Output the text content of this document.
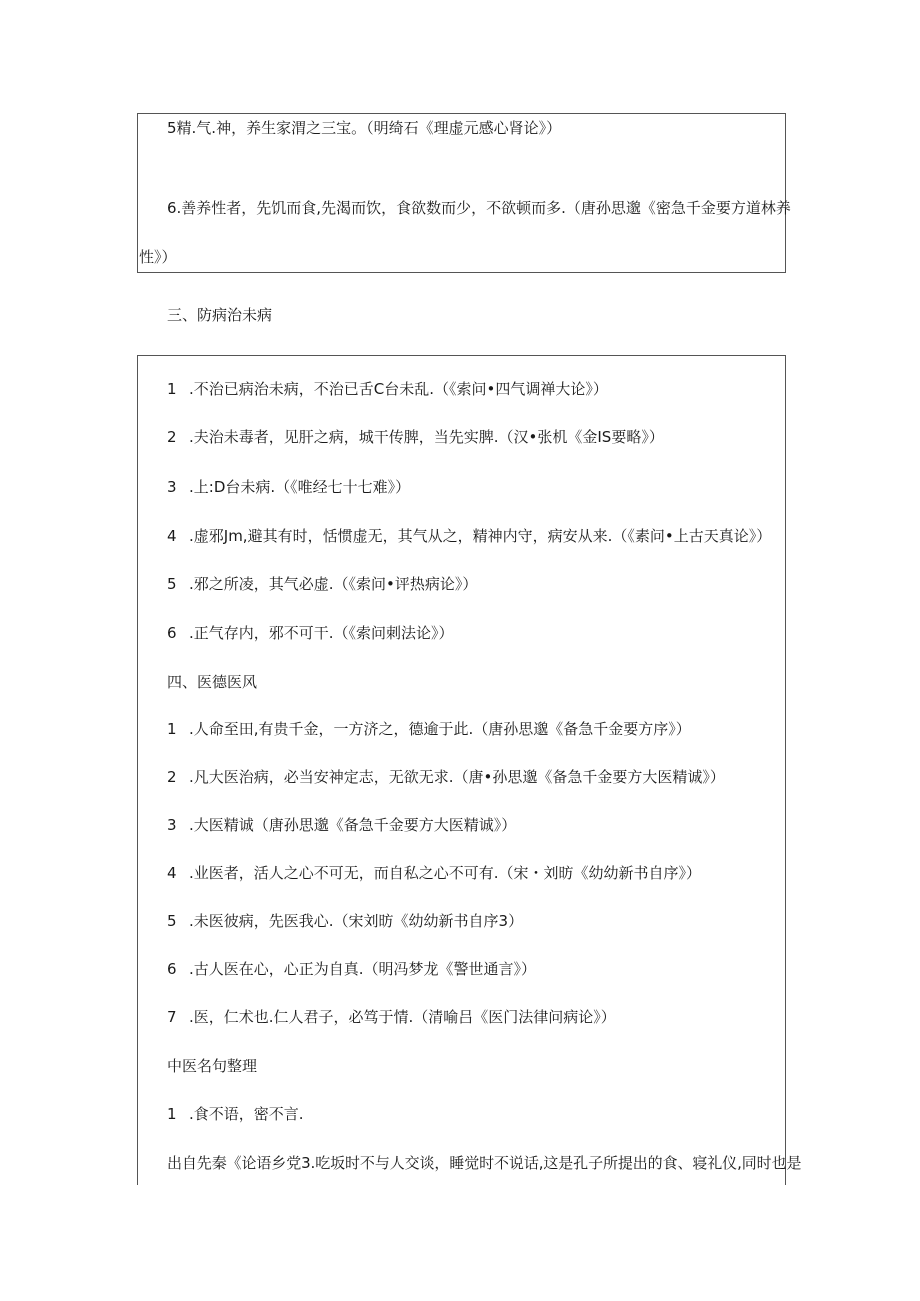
5精.气.神，养生家渭之三宝。（明绮石《理虚元感心肾论》）
6.善养性者，先饥而食,先渴而饮，食欲数而少，不欲顿而多.（唐孙思邈《密急千金要方道林养
性》）
三、防病治未病
1 .不治已病治未病，不治已舌C台未乱.（《索问•四气调禅大论》）
2 .夫治未毒者，见肝之病，城干传脾，当先实脾.（汉•张机《金IS要略》）
3 .上:D台未病.（《唯经七十七难》）
4 .虚邪Jm,避其有时，恬惯虚无，其气从之，精神内守，病安从来.（《素问•上古天真论》）
5 .邪之所凌，其气必虚.（《索问•评热病论》）
6 .正气存内，邪不可干.（《索问刺法论》）
四、医德医风
1 .人命至田,有贵千金，一方济之，德逾于此.（唐孙思邈《备急千金要方序》）
2 .凡大医治病，必当安神定志，无欲无求.（唐•孙思邈《备急千金要方大医精诚》）
3 .大医精诚（唐孙思邈《备急千金要方大医精诚》）
4 .业医者，活人之心不可无，而自私之心不可有.（宋・刘昉《幼幼新书自序》）
5 .未医彼病，先医我心.（宋刘昉《幼幼新书自序3）
6 .古人医在心，心正为自真.（明冯梦龙《警世通言》）
7 .医，仁术也.仁人君子，必笃于情.（清喻吕《医门法律问病论》）
中医名句整理
1 .食不语，密不言.
出自先秦《论语乡党3.吃坂时不与人交谈，睡觉时不说话,这是孔子所提出的食、寝礼仪,同时也是
